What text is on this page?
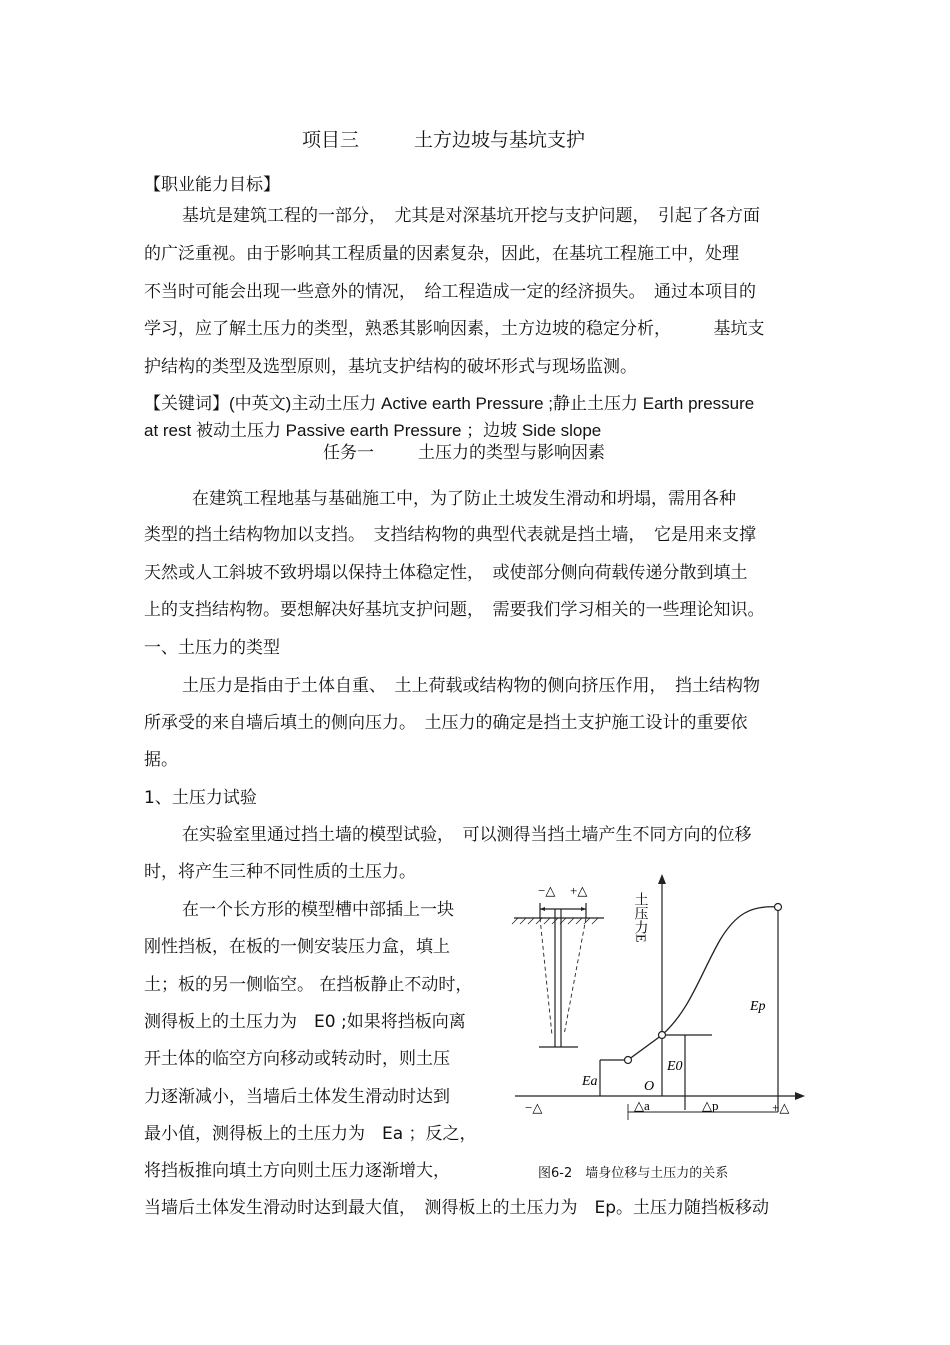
项目三	土方边坡与基坑支护
【职业能力目标】
基坑是建筑工程的一部分，　尤其是对深基坑开挖与支护问题，　引起了各方面
的广泛重视。由于影响其工程质量的因素复杂，因此，在基坑工程施工中，处理
不当时可能会出现一些意外的情况，　给工程造成一定的经济损失。　通过本项目的
学习，应了解土压力的类型，熟悉其影响因素，土方边坡的稳定分析，　　　基坑支
护结构的类型及选型原则，基坑支护结构的破坏形式与现场监测。
【关键词】(中英文)主动土压力 Active earth Pressure ;静止土压力 Earth pressure
at rest 被动土压力 Passive earth Pressure ；边坡 Side slope
任务一	土压力的类型与影响因素
在建筑工程地基与基础施工中，为了防止土坡发生滑动和坍塌，需用各种
类型的挡土结构物加以支挡。　支挡结构物的典型代表就是挡土墙，　它是用来支撑
天然或人工斜坡不致坍塌以保持土体稳定性，　或使部分侧向荷载传递分散到填土
上的支挡结构物。要想解决好基坑支护问题，　需要我们学习相关的一些理论知识。
一、土压力的类型
土压力是指由于土体自重、　土上荷载或结构物的侧向挤压作用，　挡土结构物
所承受的来自墙后填土的侧向压力。　土压力的确定是挡土支护施工设计的重要依
据。
1、土压力试验
在实验室里通过挡土墙的模型试验，　可以测得当挡土墙产生不同方向的位移
时，将产生三种不同性质的土压力。
在一个长方形的模型槽中部插上一块
刚性挡板，在板的一侧安装压力盒，填上
土；板的另一侧临空。 在挡板静止不动时，
测得板上的土压力为　E0 ;如果将挡板向离
开土体的临空方向移动或转动时，则土压
力逐渐减小，当墙后土体发生滑动时达到
最小值，测得板上的土压力为　Ea ；反之，
将挡板推向填土方向则土压力逐渐增大，
当墙后土体发生滑动时达到最大值，　测得板上的土压力为　Ep。土压力随挡板移动
−△ +△
土压力E
Ep
E0
Ea	O
△a	△p
−△	+△
图6-2　墙身位移与土压力的关系
